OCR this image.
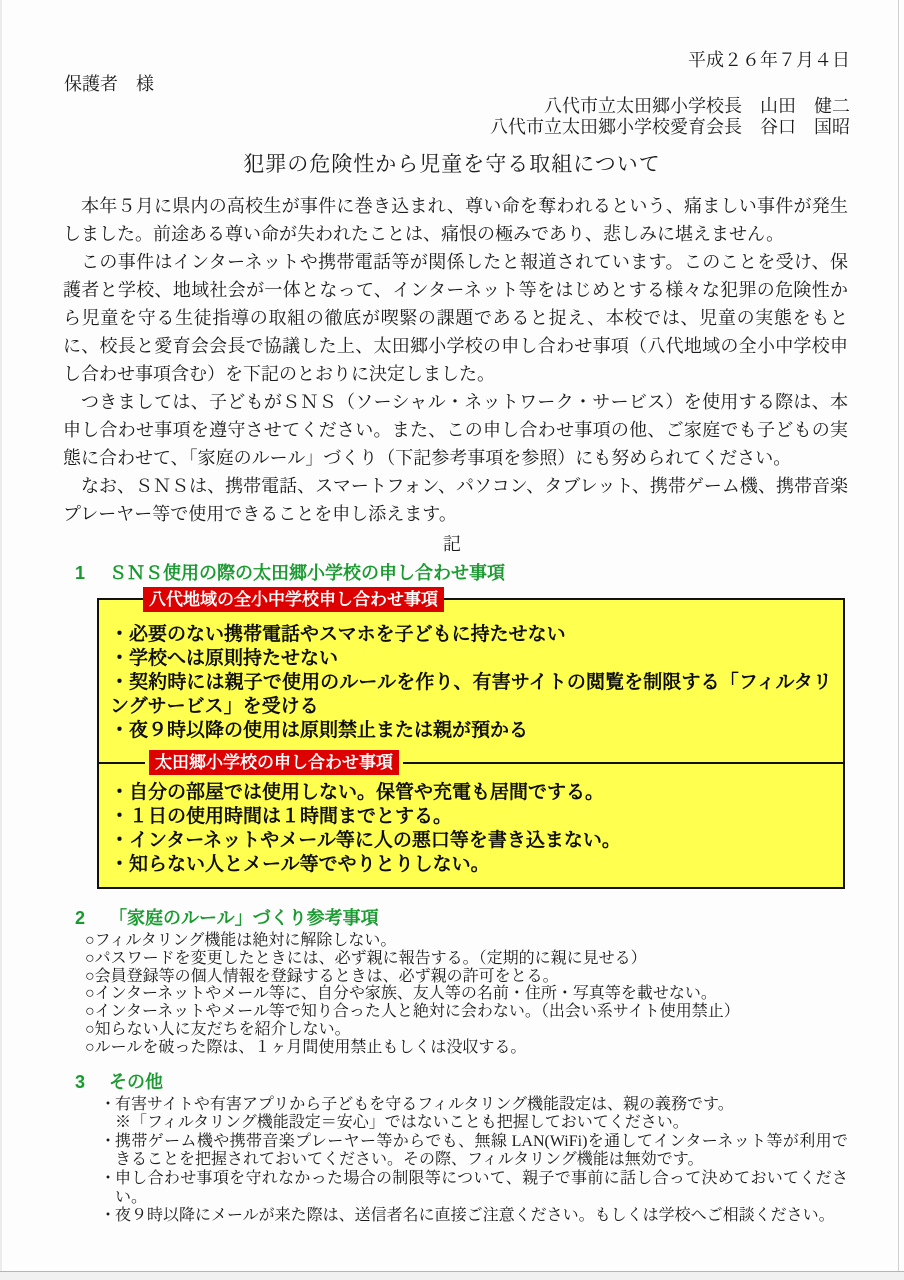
平成２６年７月４日
保護者　様
八代市立太田郷小学校長　山田　健二
八代市立太田郷小学校愛育会長　谷口　国昭
犯罪の危険性から児童を守る取組について

本年５月に県内の高校生が事件に巻き込まれ、尊い命を奪われるという、痛ましい事件が発生しました。前途ある尊い命が失われたことは、痛恨の極みであり、悲しみに堪えません。

この事件はインターネットや携帯電話等が関係したと報道されています。このことを受け、保護者と学校、地域社会が一体となって、インターネット等をはじめとする様々な犯罪の危険性から児童を守る生徒指導の取組の徹底が喫緊の課題であると捉え、本校では、児童の実態をもとに、校長と愛育会会長で協議した上、太田郷小学校の申し合わせ事項（八代地域の全小中学校申し合わせ事項含む）を下記のとおりに決定しました。

つきましては、子どもがＳＮＳ（ソーシャル・ネットワーク・サービス）を使用する際は、本申し合わせ事項を遵守させてください。また、この申し合わせ事項の他、ご家庭でも子どもの実態に合わせて、「家庭のルール」づくり（下記参考事項を参照）にも努められてください。

なお、ＳＮＳは、携帯電話、スマートフォン、パソコン、タブレット、携帯ゲーム機、携帯音楽プレーヤー等で使用できることを申し添えます。

記
1	ＳＮＳ使用の際の太田郷小学校の申し合わせ事項
八代地域の全小中学校申し合わせ事項
・必要のない携帯電話やスマホを子どもに持たせない
・学校へは原則持たせない
・契約時には親子で使用のルールを作り、有害サイトの閲覧を制限する「フィルタリングサービス」を受ける
・夜９時以降の使用は原則禁止または親が預かる
太田郷小学校の申し合わせ事項
・自分の部屋では使用しない。保管や充電も居間でする。
・１日の使用時間は１時間までとする。
・インターネットやメール等に人の悪口等を書き込まない。
・知らない人とメール等でやりとりしない。
2	「家庭のルール」づくり参考事項
○フィルタリング機能は絶対に解除しない。
○パスワードを変更したときには、必ず親に報告する。（定期的に親に見せる）
○会員登録等の個人情報を登録するときは、必ず親の許可をとる。
○インターネットやメール等に、自分や家族、友人等の名前・住所・写真等を載せない。
○インターネットやメール等で知り合った人と絶対に会わない。（出会い系サイト使用禁止）
○知らない人に友だちを紹介しない。
○ルールを破った際は、１ヶ月間使用禁止もしくは没収する。
3	その他
・
有害サイトや有害アプリから子どもを守るフィルタリング機能設定は、親の義務です。
※「フィルタリング機能設定＝安心」ではないことも把握しておいてください。
・
携帯ゲーム機や携帯音楽プレーヤー等からでも、無線 LAN(WiFi)を通してインターネット等が利用できることを把握されておいてください。その際、フィルタリング機能は無効です。
・
申し合わせ事項を守れなかった場合の制限等について、親子で事前に話し合って決めておいてください。
・
夜９時以降にメールが来た際は、送信者名に直接ご注意ください。もしくは学校へご相談ください。
